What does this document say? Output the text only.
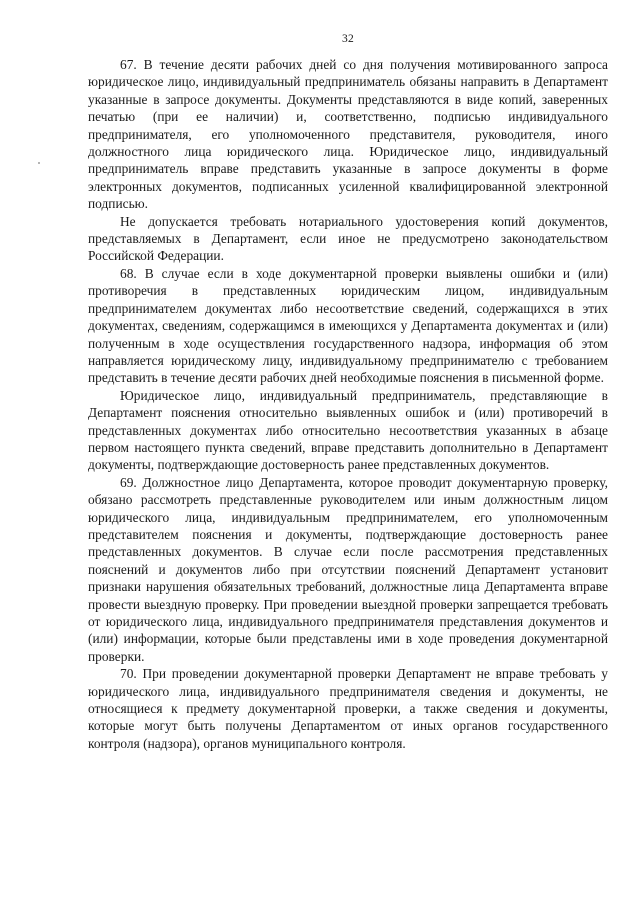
32

67. В течение десяти рабочих дней со дня получения мотивированного запроса юридическое лицо, индивидуальный предприниматель обязаны направить в Департамент указанные в запросе документы. Документы представляются в виде копий, заверенных печатью (при ее наличии) и, соответственно, подписью индивидуального предпринимателя, его уполномоченного представителя, руководителя, иного должностного лица юридического лица. Юридическое лицо, индивидуальный предприниматель вправе представить указанные в запросе документы в форме электронных документов, подписанных усиленной квалифицированной электронной подписью.

Не допускается требовать нотариального удостоверения копий документов, представляемых в Департамент, если иное не предусмотрено законодательством Российской Федерации.

68. В случае если в ходе документарной проверки выявлены ошибки и (или) противоречия в представленных юридическим лицом, индивидуальным предпринимателем документах либо несоответствие сведений, содержащихся в этих документах, сведениям, содержащимся в имеющихся у Департамента документах и (или) полученным в ходе осуществления государственного надзора, информация об этом направляется юридическому лицу, индивидуальному предпринимателю с требованием представить в течение десяти рабочих дней необходимые пояснения в письменной форме.

Юридическое лицо, индивидуальный предприниматель, представляющие в Департамент пояснения относительно выявленных ошибок и (или) противоречий в представленных документах либо относительно несоответствия указанных в абзаце первом настоящего пункта сведений, вправе представить дополнительно в Департамент документы, подтверждающие достоверность ранее представленных документов.

69. Должностное лицо Департамента, которое проводит документарную проверку, обязано рассмотреть представленные руководителем или иным должностным лицом юридического лица, индивидуальным предпринимателем, его уполномоченным представителем пояснения и документы, подтверждающие достоверность ранее представленных документов. В случае если после рассмотрения представленных пояснений и документов либо при отсутствии пояснений Департамент установит признаки нарушения обязательных требований, должностные лица Департамента вправе провести выездную проверку. При проведении выездной проверки запрещается требовать от юридического лица, индивидуального предпринимателя представления документов и (или) информации, которые были представлены ими в ходе проведения документарной проверки.

70. При проведении документарной проверки Департамент не вправе требовать у юридического лица, индивидуального предпринимателя сведения и документы, не относящиеся к предмету документарной проверки, а также сведения и документы, которые могут быть получены Департаментом от иных органов государственного контроля (надзора), органов муниципального контроля.
